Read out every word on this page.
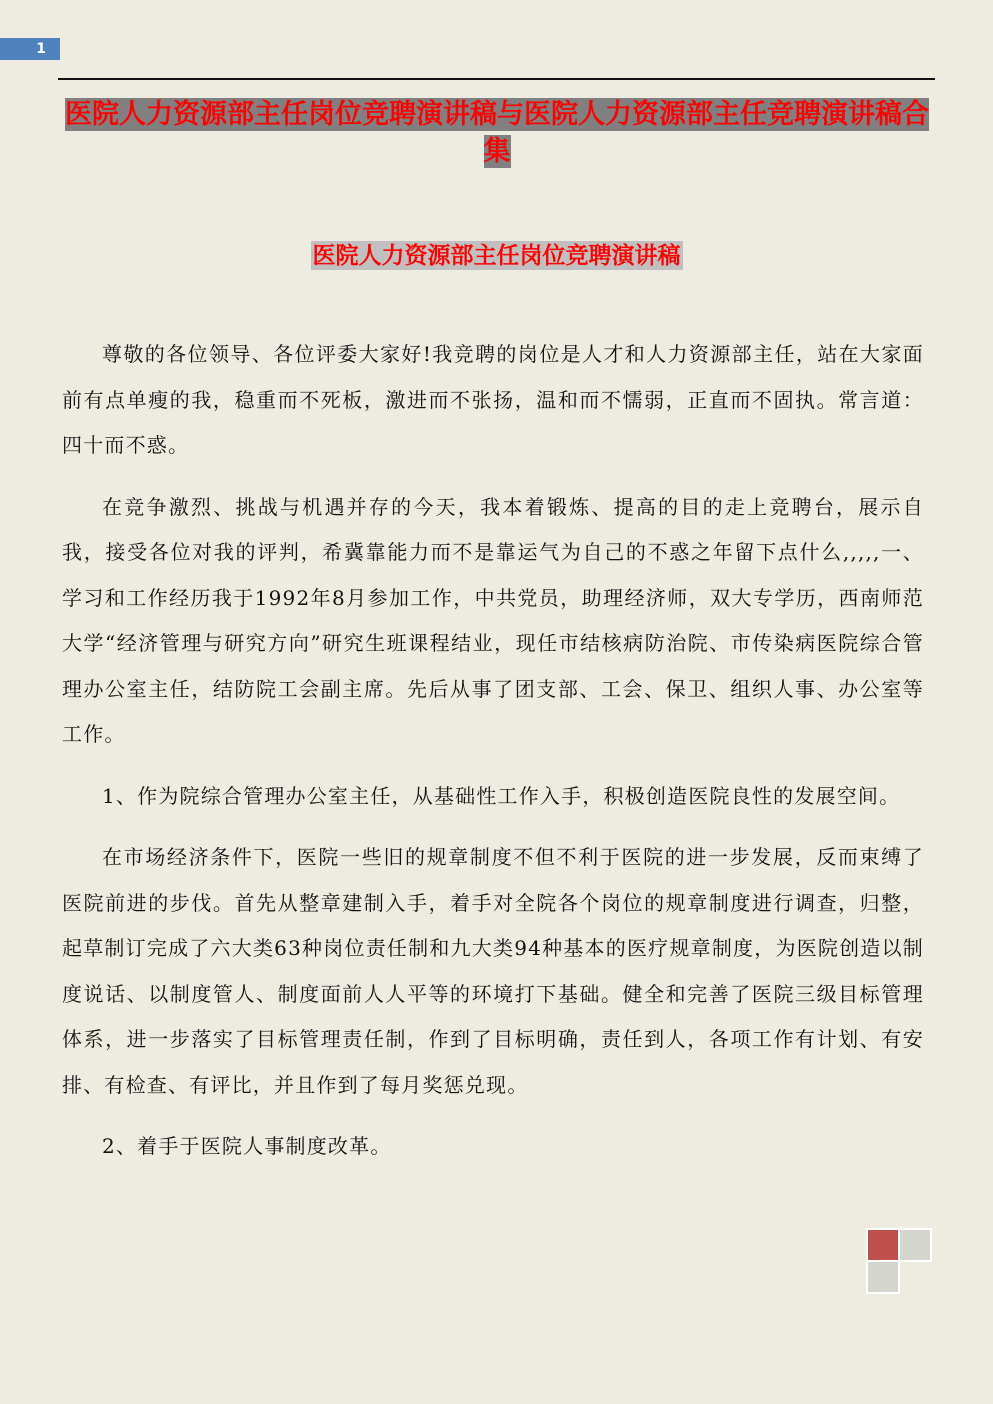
1
医院人力资源部主任岗位竞聘演讲稿与医院人力资源部主任竞聘演讲稿合集
医院人力资源部主任岗位竞聘演讲稿

尊敬的各位领导、各位评委大家好!我竞聘的岗位是人才和人力资源部主任，站在大家面前有点单瘦的我，稳重而不死板，激进而不张扬，温和而不懦弱，正直而不固执。常言道：四十而不惑。

在竞争激烈、挑战与机遇并存的今天，我本着锻炼、提高的目的走上竞聘台，展示自我，接受各位对我的评判，希冀靠能力而不是靠运气为自己的不惑之年留下点什么,,,,,一、学习和工作经历我于1992年8月参加工作，中共党员，助理经济师，双大专学历，西南师范大学“经济管理与研究方向”研究生班课程结业，现任市结核病防治院、市传染病医院综合管理办公室主任，结防院工会副主席。先后从事了团支部、工会、保卫、组织人事、办公室等工作。

1、作为院综合管理办公室主任，从基础性工作入手，积极创造医院良性的发展空间。

在市场经济条件下，医院一些旧的规章制度不但不利于医院的进一步发展，反而束缚了医院前进的步伐。首先从整章建制入手，着手对全院各个岗位的规章制度进行调查，归整，起草制订完成了六大类63种岗位责任制和九大类94种基本的医疗规章制度，为医院创造以制度说话、以制度管人、制度面前人人平等的环境打下基础。健全和完善了医院三级目标管理体系，进一步落实了目标管理责任制，作到了目标明确，责任到人，各项工作有计划、有安排、有检查、有评比，并且作到了每月奖惩兑现。

2、着手于医院人事制度改革。
